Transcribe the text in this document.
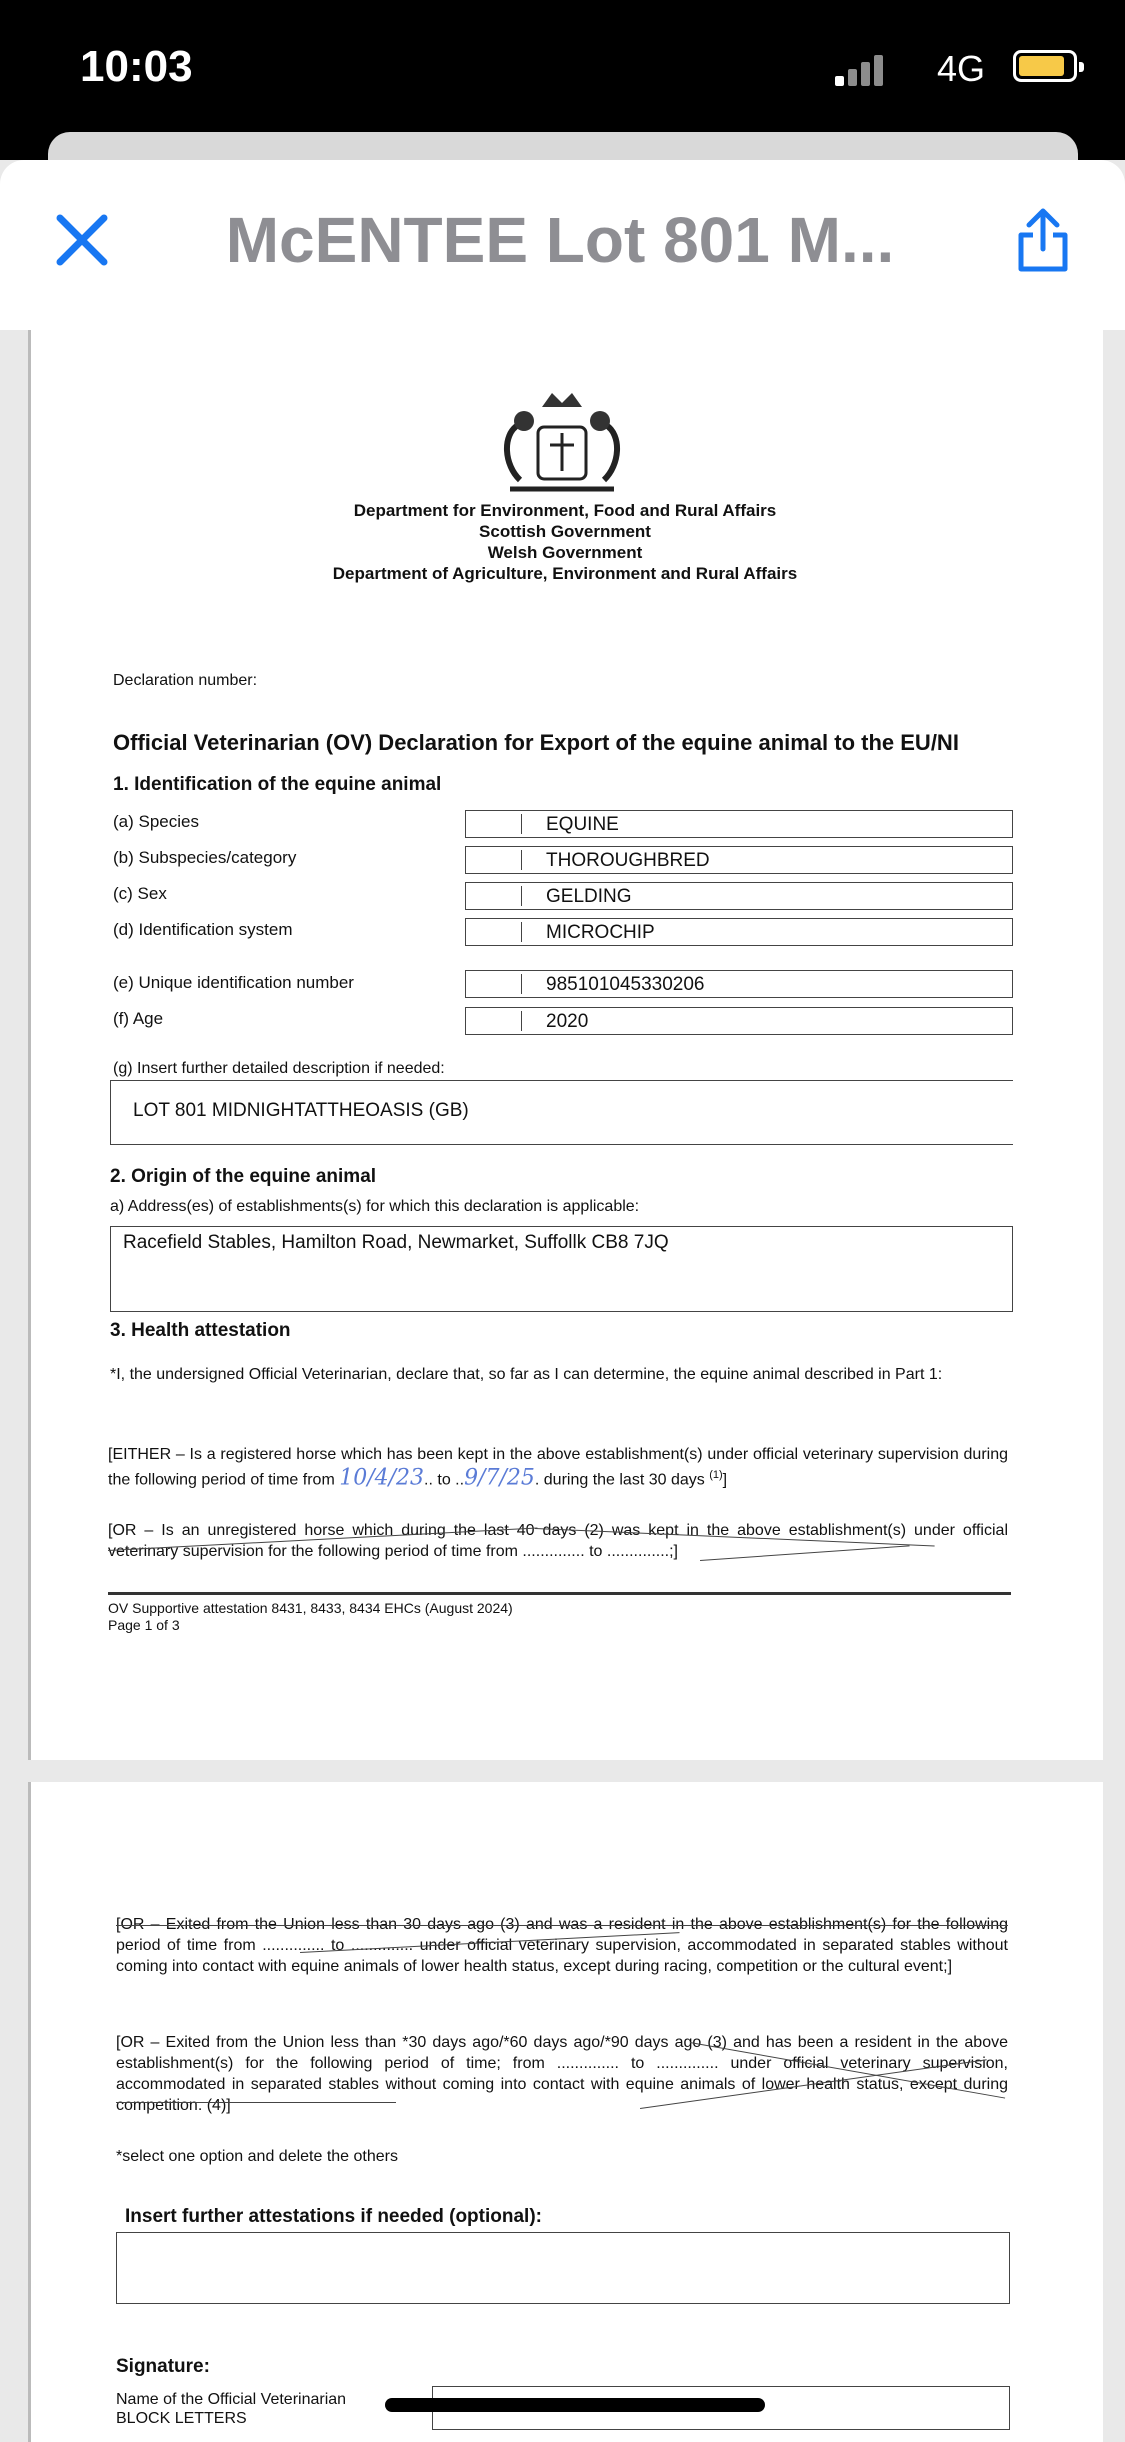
10:03	4G
McENTEE Lot 801 M...
Department for Environment, Food and Rural Affairs
Scottish Government
Welsh Government
Department of Agriculture, Environment and Rural Affairs
Declaration number:
Official Veterinarian (OV) Declaration for Export of the equine animal to the EU/NI
1. Identification of the equine animal
(a) Species	EQUINE
(b) Subspecies/category	THOROUGHBRED
(c) Sex	GELDING
(d) Identification system	MICROCHIP
(e) Unique identification number	985101045330206
(f) Age	2020
(g) Insert further detailed description if needed:
LOT 801 MIDNIGHTATTHEOASIS (GB)
2. Origin of the equine animal
a) Address(es) of establishments(s) for which this declaration is applicable:
Racefield Stables, Hamilton Road, Newmarket, Suffollk CB8 7JQ
3. Health attestation
*I, the undersigned Official Veterinarian, declare that, so far as I can determine, the equine animal described in Part 1:
[EITHER – Is a registered horse which has been kept in the above establishment(s) under official veterinary supervision during the following period of time from 10/4/23.. to ..9/7/25. during the last 30 days $^{(1)}$]
[OR – Is an unregistered horse which during the last 40 days (2) was kept in the above establishment(s) under official veterinary supervision for the following period of time from .............. to ..............;]
OV Supportive attestation 8431, 8433, 8434 EHCs (August 2024)
Page 1 of 3
[OR – Exited from the Union less than 30 days ago (3) and was a resident in the above establishment(s) for the following period of time from .............. to .............. under official veterinary supervision, accommodated in separated stables without coming into contact with equine animals of lower health status, except during racing, competition or the cultural event;]
[OR – Exited from the Union less than *30 days ago/*60 days ago/*90 days ago (3) and has been a resident in the above establishment(s) for the following period of time; from .............. to .............. under official veterinary supervision, accommodated in separated stables without coming into contact with equine animals of lower health status, except during competition. (4)]
*select one option and delete the others
Insert further attestations if needed (optional):
Signature:
Name of the Official Veterinarian
BLOCK LETTERS
